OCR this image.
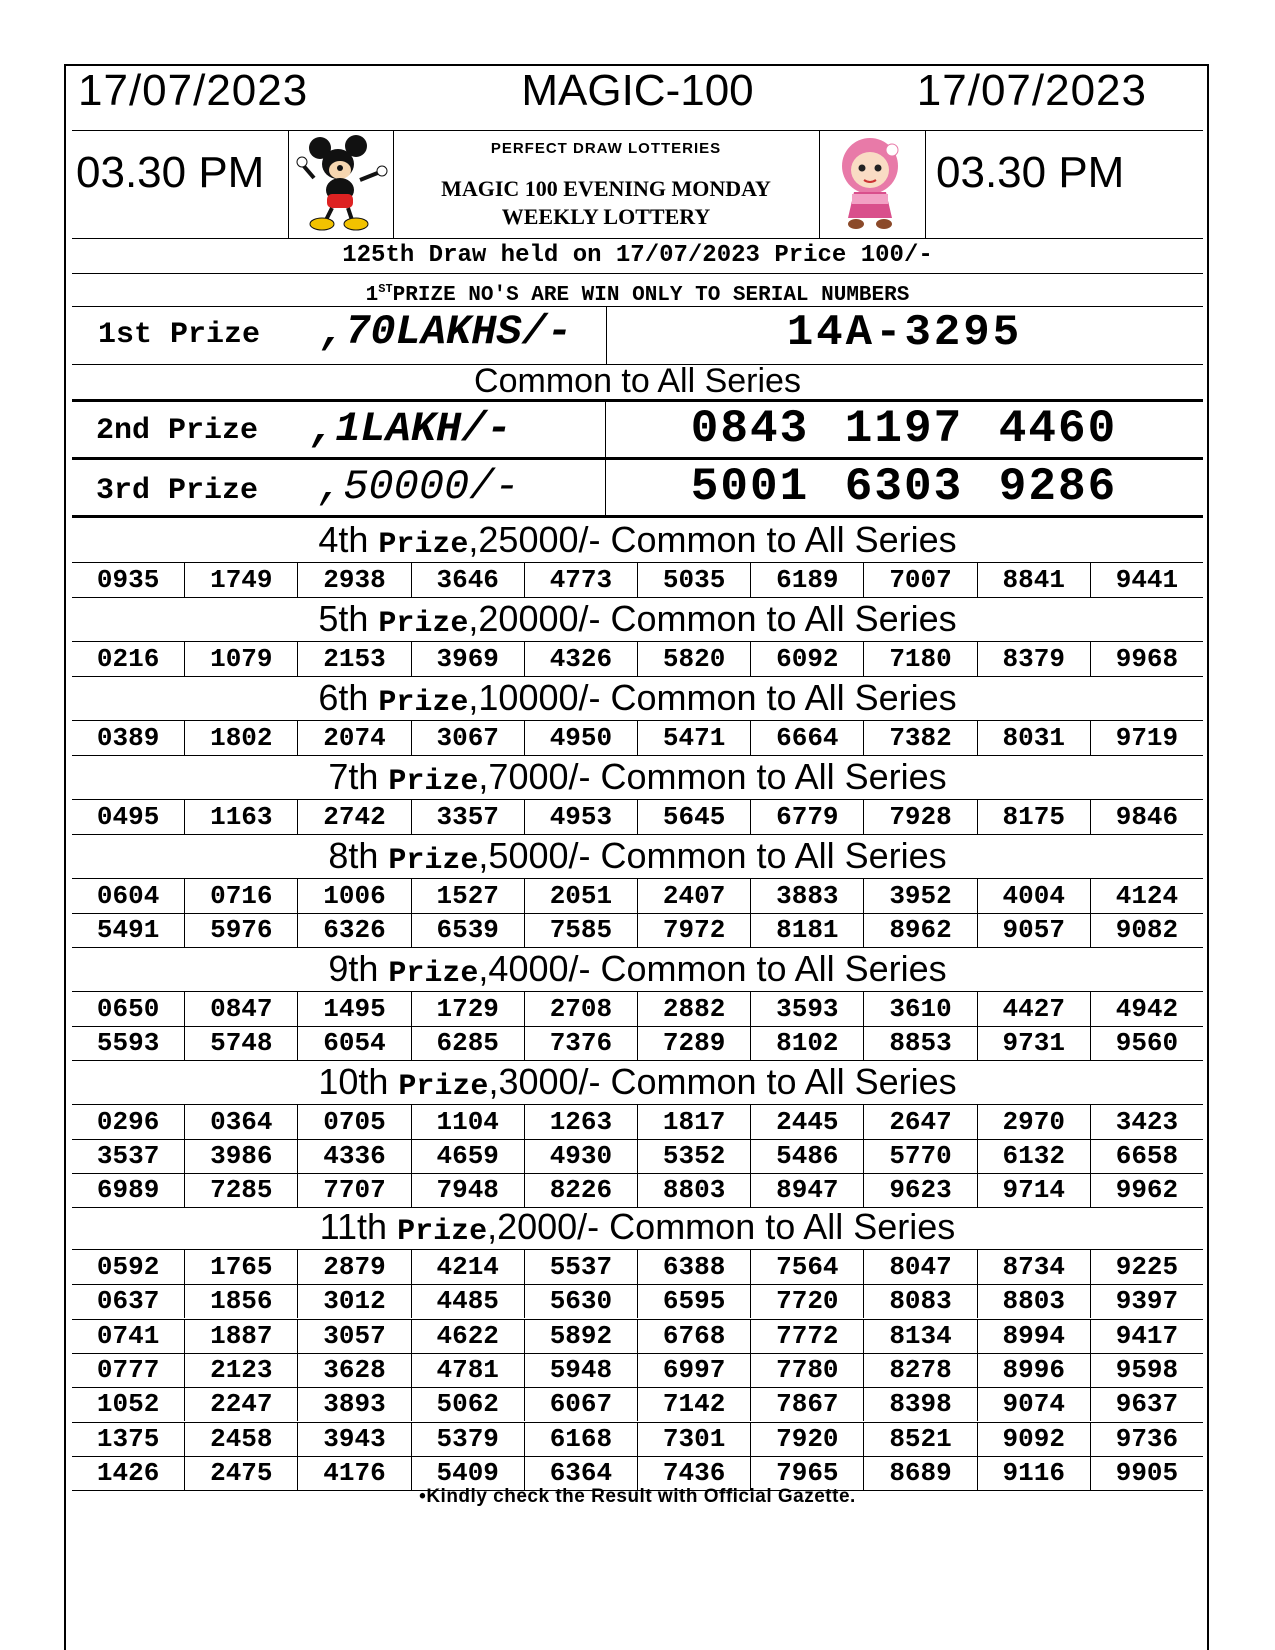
17/07/2023	MAGIC-100	17/07/2023
03.30 PM	PERFECT DRAW LOTTERIES
MAGIC 100 EVENING MONDAY
WEEKLY LOTTERY
03.30 PM
125th Draw held on 17/07/2023 Price 100/-
1STPRIZE NO'S ARE WIN ONLY TO SERIAL NUMBERS
1st Prize ,70LAKHS/-	14A-3295
Common to All Series
2nd Prize ,1LAKH/-	0843 1197 4460
3rd Prize ,50000/-	5001 6303 9286
4th Prize,25000/- Common to All Series
0935	1749	2938	3646	4773	5035	6189	7007	8841	9441
5th Prize,20000/- Common to All Series
0216	1079	2153	3969	4326	5820	6092	7180	8379	9968
6th Prize,10000/- Common to All Series
0389	1802	2074	3067	4950	5471	6664	7382	8031	9719
7th Prize,7000/- Common to All Series
0495	1163	2742	3357	4953	5645	6779	7928	8175	9846
8th Prize,5000/- Common to All Series
0604	0716	1006	1527	2051	2407	3883	3952	4004	4124
5491	5976	6326	6539	7585	7972	8181	8962	9057	9082
9th Prize,4000/- Common to All Series
0650	0847	1495	1729	2708	2882	3593	3610	4427	4942
5593	5748	6054	6285	7376	7289	8102	8853	9731	9560
10th Prize,3000/- Common to All Series
0296	0364	0705	1104	1263	1817	2445	2647	2970	3423
3537	3986	4336	4659	4930	5352	5486	5770	6132	6658
6989	7285	7707	7948	8226	8803	8947	9623	9714	9962
11th Prize,2000/- Common to All Series
0592	1765	2879	4214	5537	6388	7564	8047	8734	9225
0637	1856	3012	4485	5630	6595	7720	8083	8803	9397
0741	1887	3057	4622	5892	6768	7772	8134	8994	9417
0777	2123	3628	4781	5948	6997	7780	8278	8996	9598
1052	2247	3893	5062	6067	7142	7867	8398	9074	9637
1375	2458	3943	5379	6168	7301	7920	8521	9092	9736
1426	2475	4176	5409	6364	7436	7965	8689	9116	9905
•Kindly check the Result with Official Gazette.
